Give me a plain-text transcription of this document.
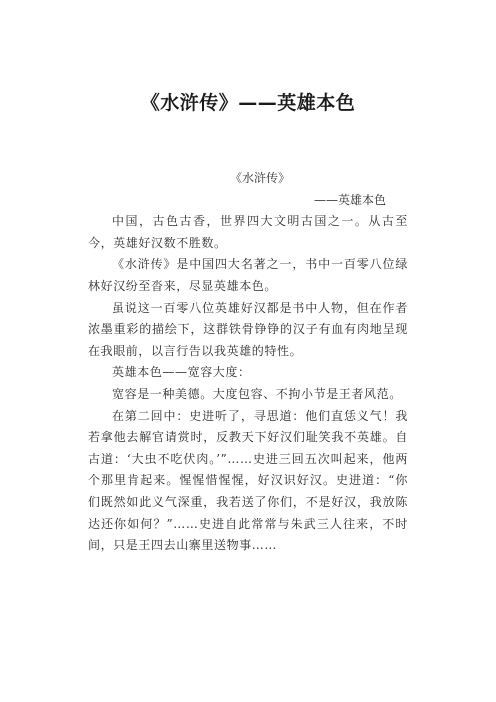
《水浒传》——英雄本色

《水浒传》

——英雄本色

中国，古色古香，世界四大文明古国之一。从古至今，英雄好汉数不胜数。

《水浒传》是中国四大名著之一，书中一百零八位绿林好汉纷至沓来，尽显英雄本色。

虽说这一百零八位英雄好汉都是书中人物，但在作者浓墨重彩的描绘下，这群铁骨铮铮的汉子有血有肉地呈现在我眼前，以言行告以我英雄的特性。

英雄本色——宽容大度：

宽容是一种美德。大度包容、不拘小节是王者风范。

在第二回中：史进听了，寻思道：他们直恁义气！我若拿他去解官请赏时，反教天下好汉们耻笑我不英雄。自古道：‘大虫不吃伏肉。’”……史进三回五次叫起来，他两个那里肯起来。惺惺惜惺惺，好汉识好汉。史进道：“你们既然如此义气深重，我若送了你们，不是好汉，我放陈达还你如何？”……史进自此常常与朱武三人往来，不时间，只是王四去山寨里送物事……
